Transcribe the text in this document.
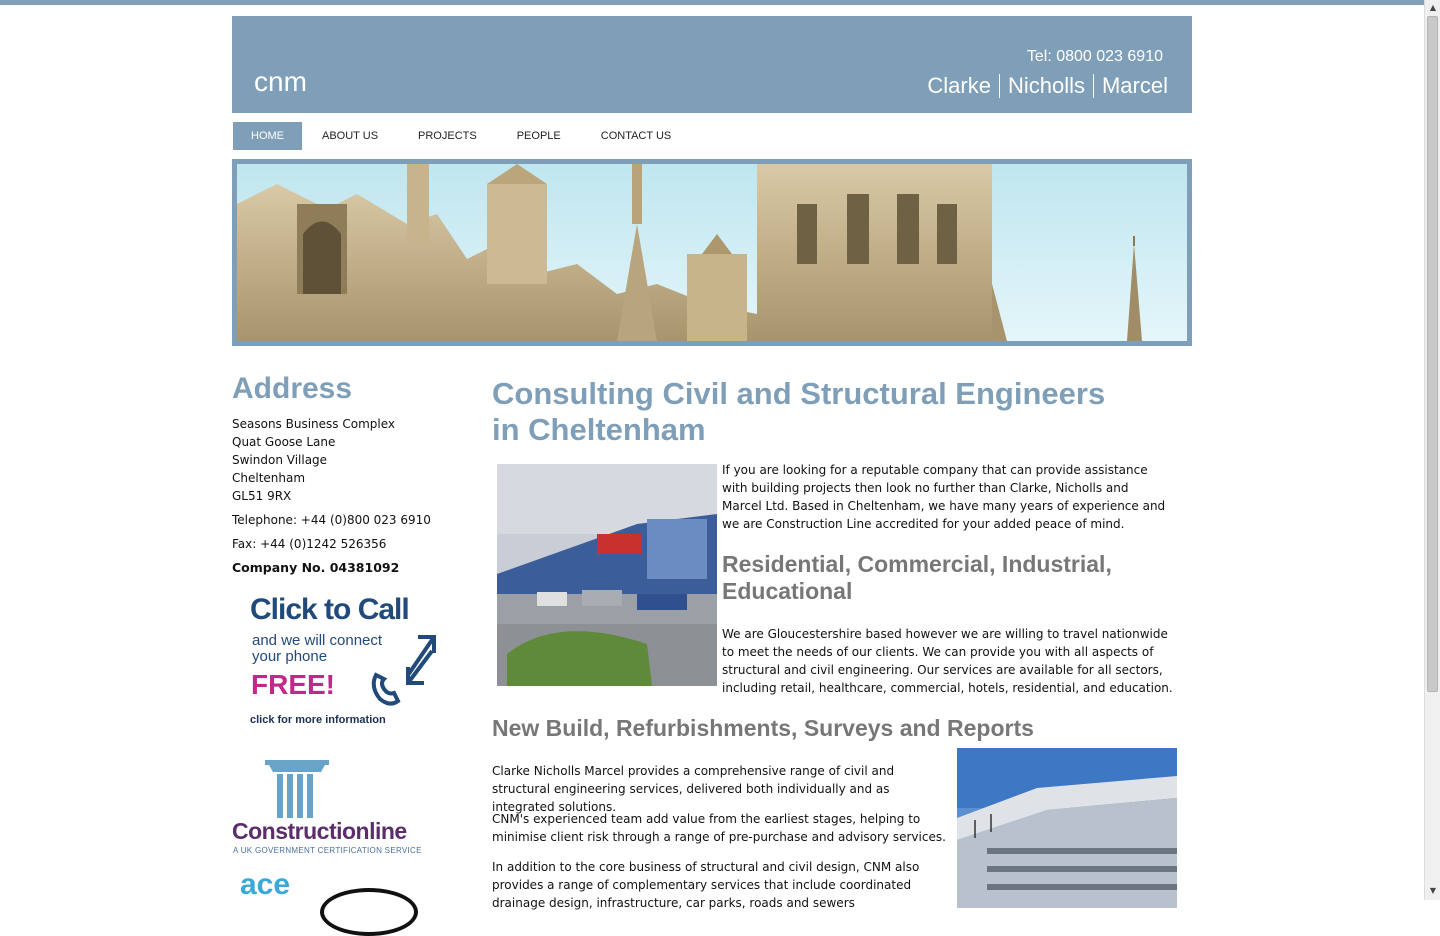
cnm
Tel: 0800 023 6910
Clarke Nicholls Marcel
HOME	ABOUT US	PROJECTS	PEOPLE	CONTACT US
Address
Seasons Business Complex
Quat Goose Lane
Swindon Village
Cheltenham
GL51 9RX
Telephone: +44 (0)800 023 6910
Fax: +44 (0)1242 526356
Company No. 04381092
Click to Call
and we will connect your phone
FREE!
click for more information
Constructionline
A UK GOVERNMENT CERTIFICATION SERVICE
ace
Consulting Civil and Structural Engineers in Cheltenham
If you are looking for a reputable company that can provide assistance with building projects then look no further than Clarke, Nicholls and Marcel Ltd. Based in Cheltenham, we have many years of experience and we are Construction Line accredited for your added peace of mind.
Residential, Commercial, Industrial, Educational
We are Gloucestershire based however we are willing to travel nationwide to meet the needs of our clients. We can provide you with all aspects of structural and civil engineering. Our services are available for all sectors, including retail, healthcare, commercial, hotels, residential, and education.
New Build, Refurbishments, Surveys and Reports
Clarke Nicholls Marcel provides a comprehensive range of civil and structural engineering services, delivered both individually and as integrated solutions.
CNM's experienced team add value from the earliest stages, helping to minimise client risk through a range of pre-purchase and advisory services.
In addition to the core business of structural and civil design, CNM also provides a range of complementary services that include coordinated drainage design, infrastructure, car parks, roads and sewers
▲
▼
